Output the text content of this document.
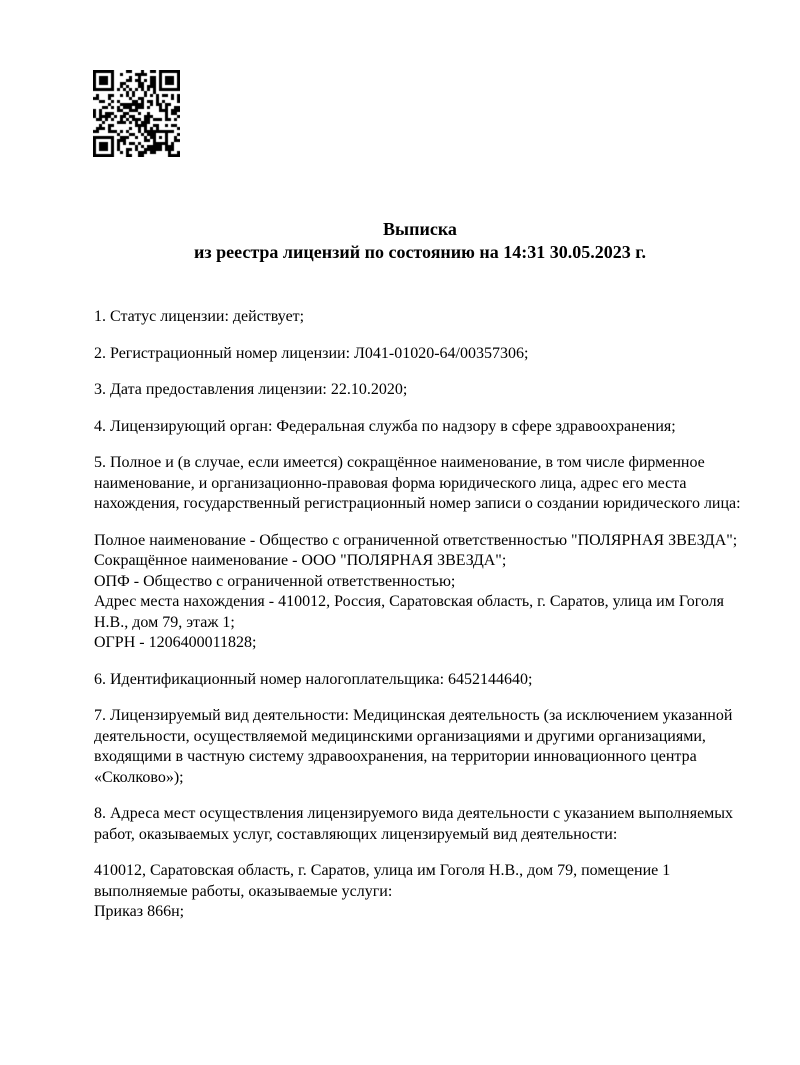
Выписка
из реестра лицензий по состоянию на 14:31 30.05.2023 г.

1. Статус лицензии: действует;

2. Регистрационный номер лицензии: Л041-01020-64/00357306;

3. Дата предоставления лицензии: 22.10.2020;

4. Лицензирующий орган: Федеральная служба по надзору в сфере здравоохранения;

5. Полное и (в случае, если имеется) сокращённое наименование, в том числе фирменное наименование, и организационно-правовая форма юридического лица, адрес его места нахождения, государственный регистрационный номер записи о создании юридического лица:

Полное наименование - Общество с ограниченной ответственностью "ПОЛЯРНАЯ ЗВЕЗДА";
Сокращённое наименование - ООО "ПОЛЯРНАЯ ЗВЕЗДА";
ОПФ - Общество с ограниченной ответственностью;
Адрес места нахождения - 410012, Россия, Саратовская область, г. Саратов, улица им Гоголя Н.В., дом 79, этаж 1;
ОГРН - 1206400011828;

6. Идентификационный номер налогоплательщика: 6452144640;

7. Лицензируемый вид деятельности: Медицинская деятельность (за исключением указанной деятельности, осуществляемой медицинскими организациями и другими организациями, входящими в частную систему здравоохранения, на территории инновационного центра «Сколково»);

8. Адреса мест осуществления лицензируемого вида деятельности с указанием выполняемых работ, оказываемых услуг, составляющих лицензируемый вид деятельности:

410012, Саратовская область, г. Саратов, улица им Гоголя Н.В., дом 79, помещение 1
выполняемые работы, оказываемые услуги:
Приказ 866н;
